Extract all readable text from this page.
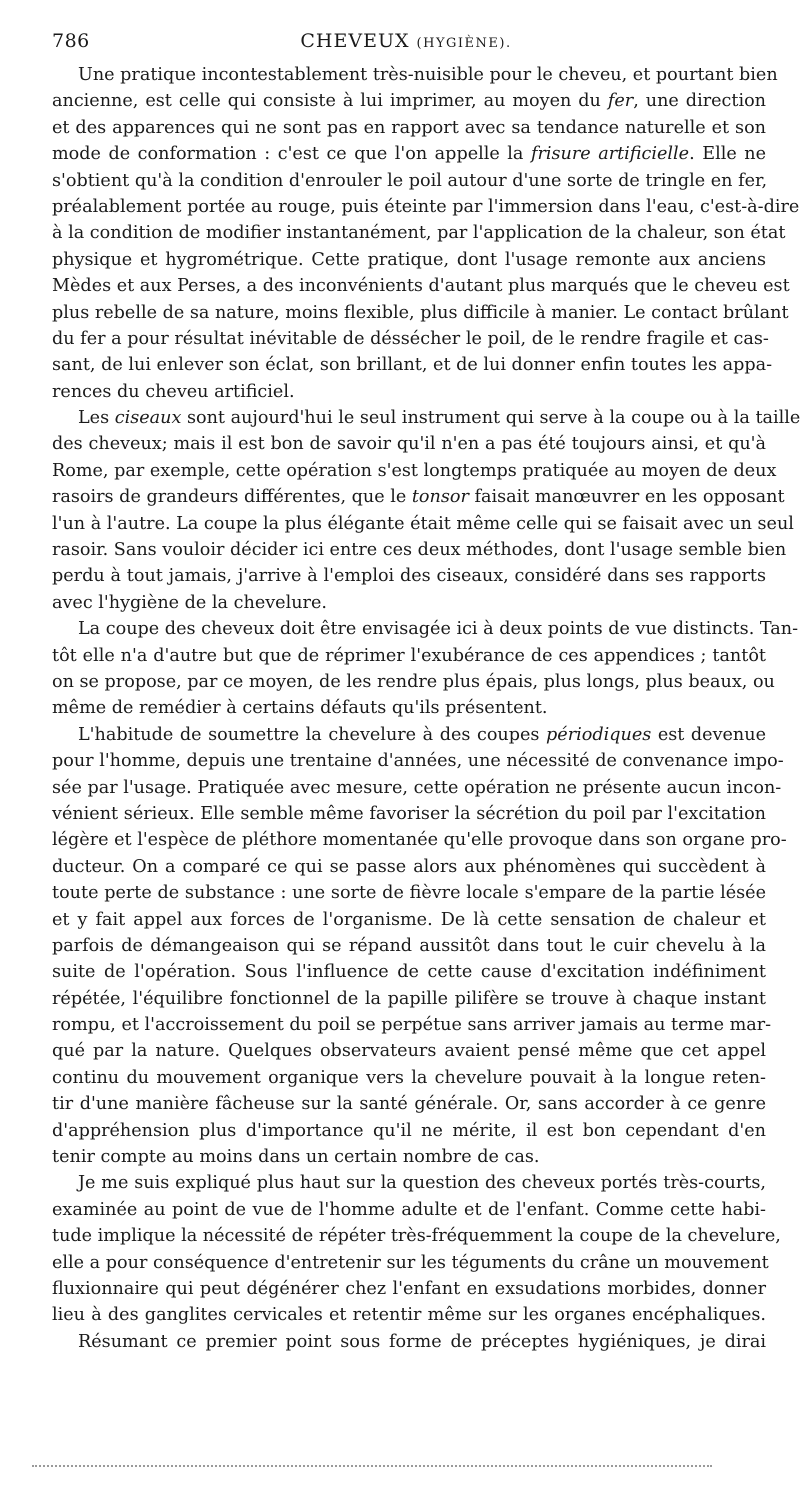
786	CHEVEUX (HYGIÈNE).
Une pratique incontestablement très-nuisible pour le cheveu, et pourtant bien
ancienne, est celle qui consiste à lui imprimer, au moyen du fer, une direction
et des apparences qui ne sont pas en rapport avec sa tendance naturelle et son
mode de conformation : c'est ce que l'on appelle la frisure artificielle. Elle ne
s'obtient qu'à la condition d'enrouler le poil autour d'une sorte de tringle en fer,
préalablement portée au rouge, puis éteinte par l'immersion dans l'eau, c'est-à-dire
à la condition de modifier instantanément, par l'application de la chaleur, son état
physique et hygrométrique. Cette pratique, dont l'usage remonte aux anciens
Mèdes et aux Perses, a des inconvénients d'autant plus marqués que le cheveu est
plus rebelle de sa nature, moins flexible, plus difficile à manier. Le contact brûlant
du fer a pour résultat inévitable de déssécher le poil, de le rendre fragile et cas-
sant, de lui enlever son éclat, son brillant, et de lui donner enfin toutes les appa-
rences du cheveu artificiel.
Les ciseaux sont aujourd'hui le seul instrument qui serve à la coupe ou à la taille
des cheveux; mais il est bon de savoir qu'il n'en a pas été toujours ainsi, et qu'à
Rome, par exemple, cette opération s'est longtemps pratiquée au moyen de deux
rasoirs de grandeurs différentes, que le tonsor faisait manœuvrer en les opposant
l'un à l'autre. La coupe la plus élégante était même celle qui se faisait avec un seul
rasoir. Sans vouloir décider ici entre ces deux méthodes, dont l'usage semble bien
perdu à tout jamais, j'arrive à l'emploi des ciseaux, considéré dans ses rapports
avec l'hygiène de la chevelure.
La coupe des cheveux doit être envisagée ici à deux points de vue distincts. Tan-
tôt elle n'a d'autre but que de réprimer l'exubérance de ces appendices ; tantôt
on se propose, par ce moyen, de les rendre plus épais, plus longs, plus beaux, ou
même de remédier à certains défauts qu'ils présentent.
L'habitude de soumettre la chevelure à des coupes périodiques est devenue
pour l'homme, depuis une trentaine d'années, une nécessité de convenance impo-
sée par l'usage. Pratiquée avec mesure, cette opération ne présente aucun incon-
vénient sérieux. Elle semble même favoriser la sécrétion du poil par l'excitation
légère et l'espèce de pléthore momentanée qu'elle provoque dans son organe pro-
ducteur. On a comparé ce qui se passe alors aux phénomènes qui succèdent à
toute perte de substance : une sorte de fièvre locale s'empare de la partie lésée
et y fait appel aux forces de l'organisme. De là cette sensation de chaleur et
parfois de démangeaison qui se répand aussitôt dans tout le cuir chevelu à la
suite de l'opération. Sous l'influence de cette cause d'excitation indéfiniment
répétée, l'équilibre fonctionnel de la papille pilifère se trouve à chaque instant
rompu, et l'accroissement du poil se perpétue sans arriver jamais au terme mar-
qué par la nature. Quelques observateurs avaient pensé même que cet appel
continu du mouvement organique vers la chevelure pouvait à la longue reten-
tir d'une manière fâcheuse sur la santé générale. Or, sans accorder à ce genre
d'appréhension plus d'importance qu'il ne mérite, il est bon cependant d'en
tenir compte au moins dans un certain nombre de cas.
Je me suis expliqué plus haut sur la question des cheveux portés très-courts,
examinée au point de vue de l'homme adulte et de l'enfant. Comme cette habi-
tude implique la nécessité de répéter très-fréquemment la coupe de la chevelure,
elle a pour conséquence d'entretenir sur les téguments du crâne un mouvement
fluxionnaire qui peut dégénérer chez l'enfant en exsudations morbides, donner
lieu à des ganglites cervicales et retentir même sur les organes encéphaliques.
Résumant ce premier point sous forme de préceptes hygiéniques, je dirai
